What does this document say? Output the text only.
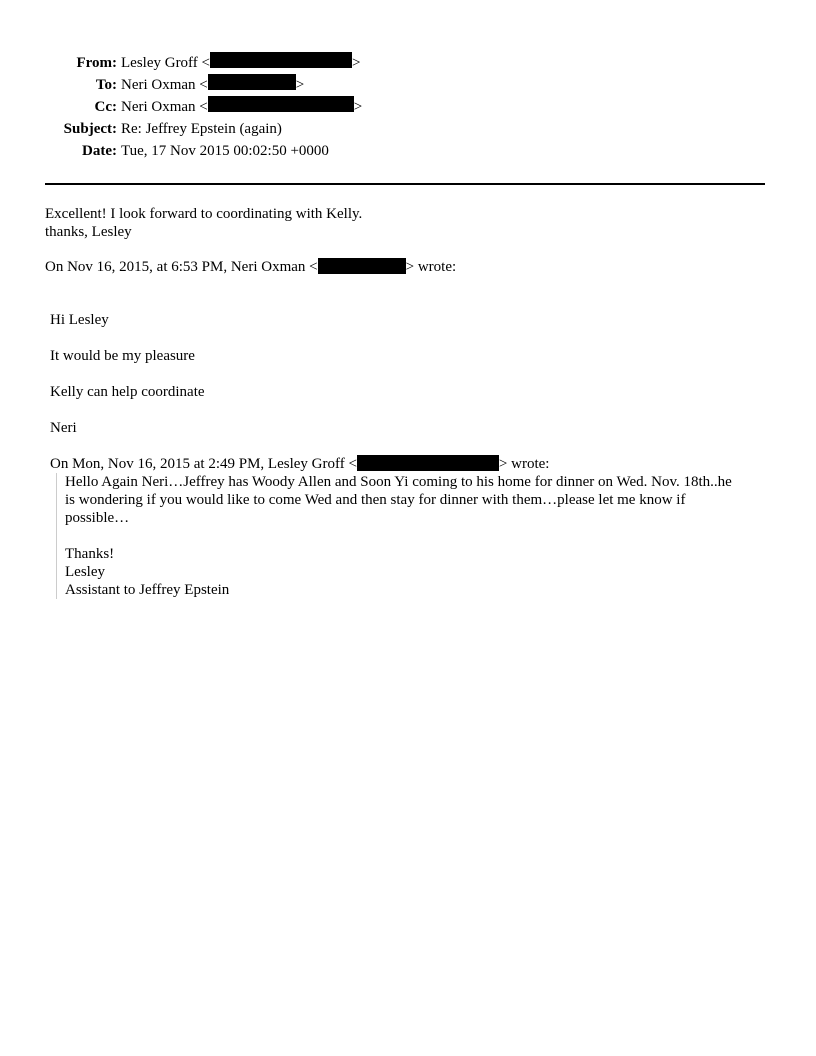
From: Lesley Groff <	>
To: Neri Oxman <	>
Cc: Neri Oxman <	>
Subject: Re: Jeffrey Epstein (again)
Date: Tue, 17 Nov 2015 00:02:50 +0000
Excellent! I look forward to coordinating with Kelly.
thanks, Lesley
On Nov 16, 2015, at 6:53 PM, Neri Oxman <	> wrote:

Hi Lesley

It would be my pleasure

Kelly can help coordinate

Neri

On Mon, Nov 16, 2015 at 2:49 PM, Lesley Groff <	> wrote:

Hello Again Neri…Jeffrey has Woody Allen and Soon Yi coming to his home for dinner on Wed. Nov. 18th..he is wondering if you would like to come Wed and then stay for dinner with them…please let me know if possible…

Thanks!
Lesley
Assistant to Jeffrey Epstein
